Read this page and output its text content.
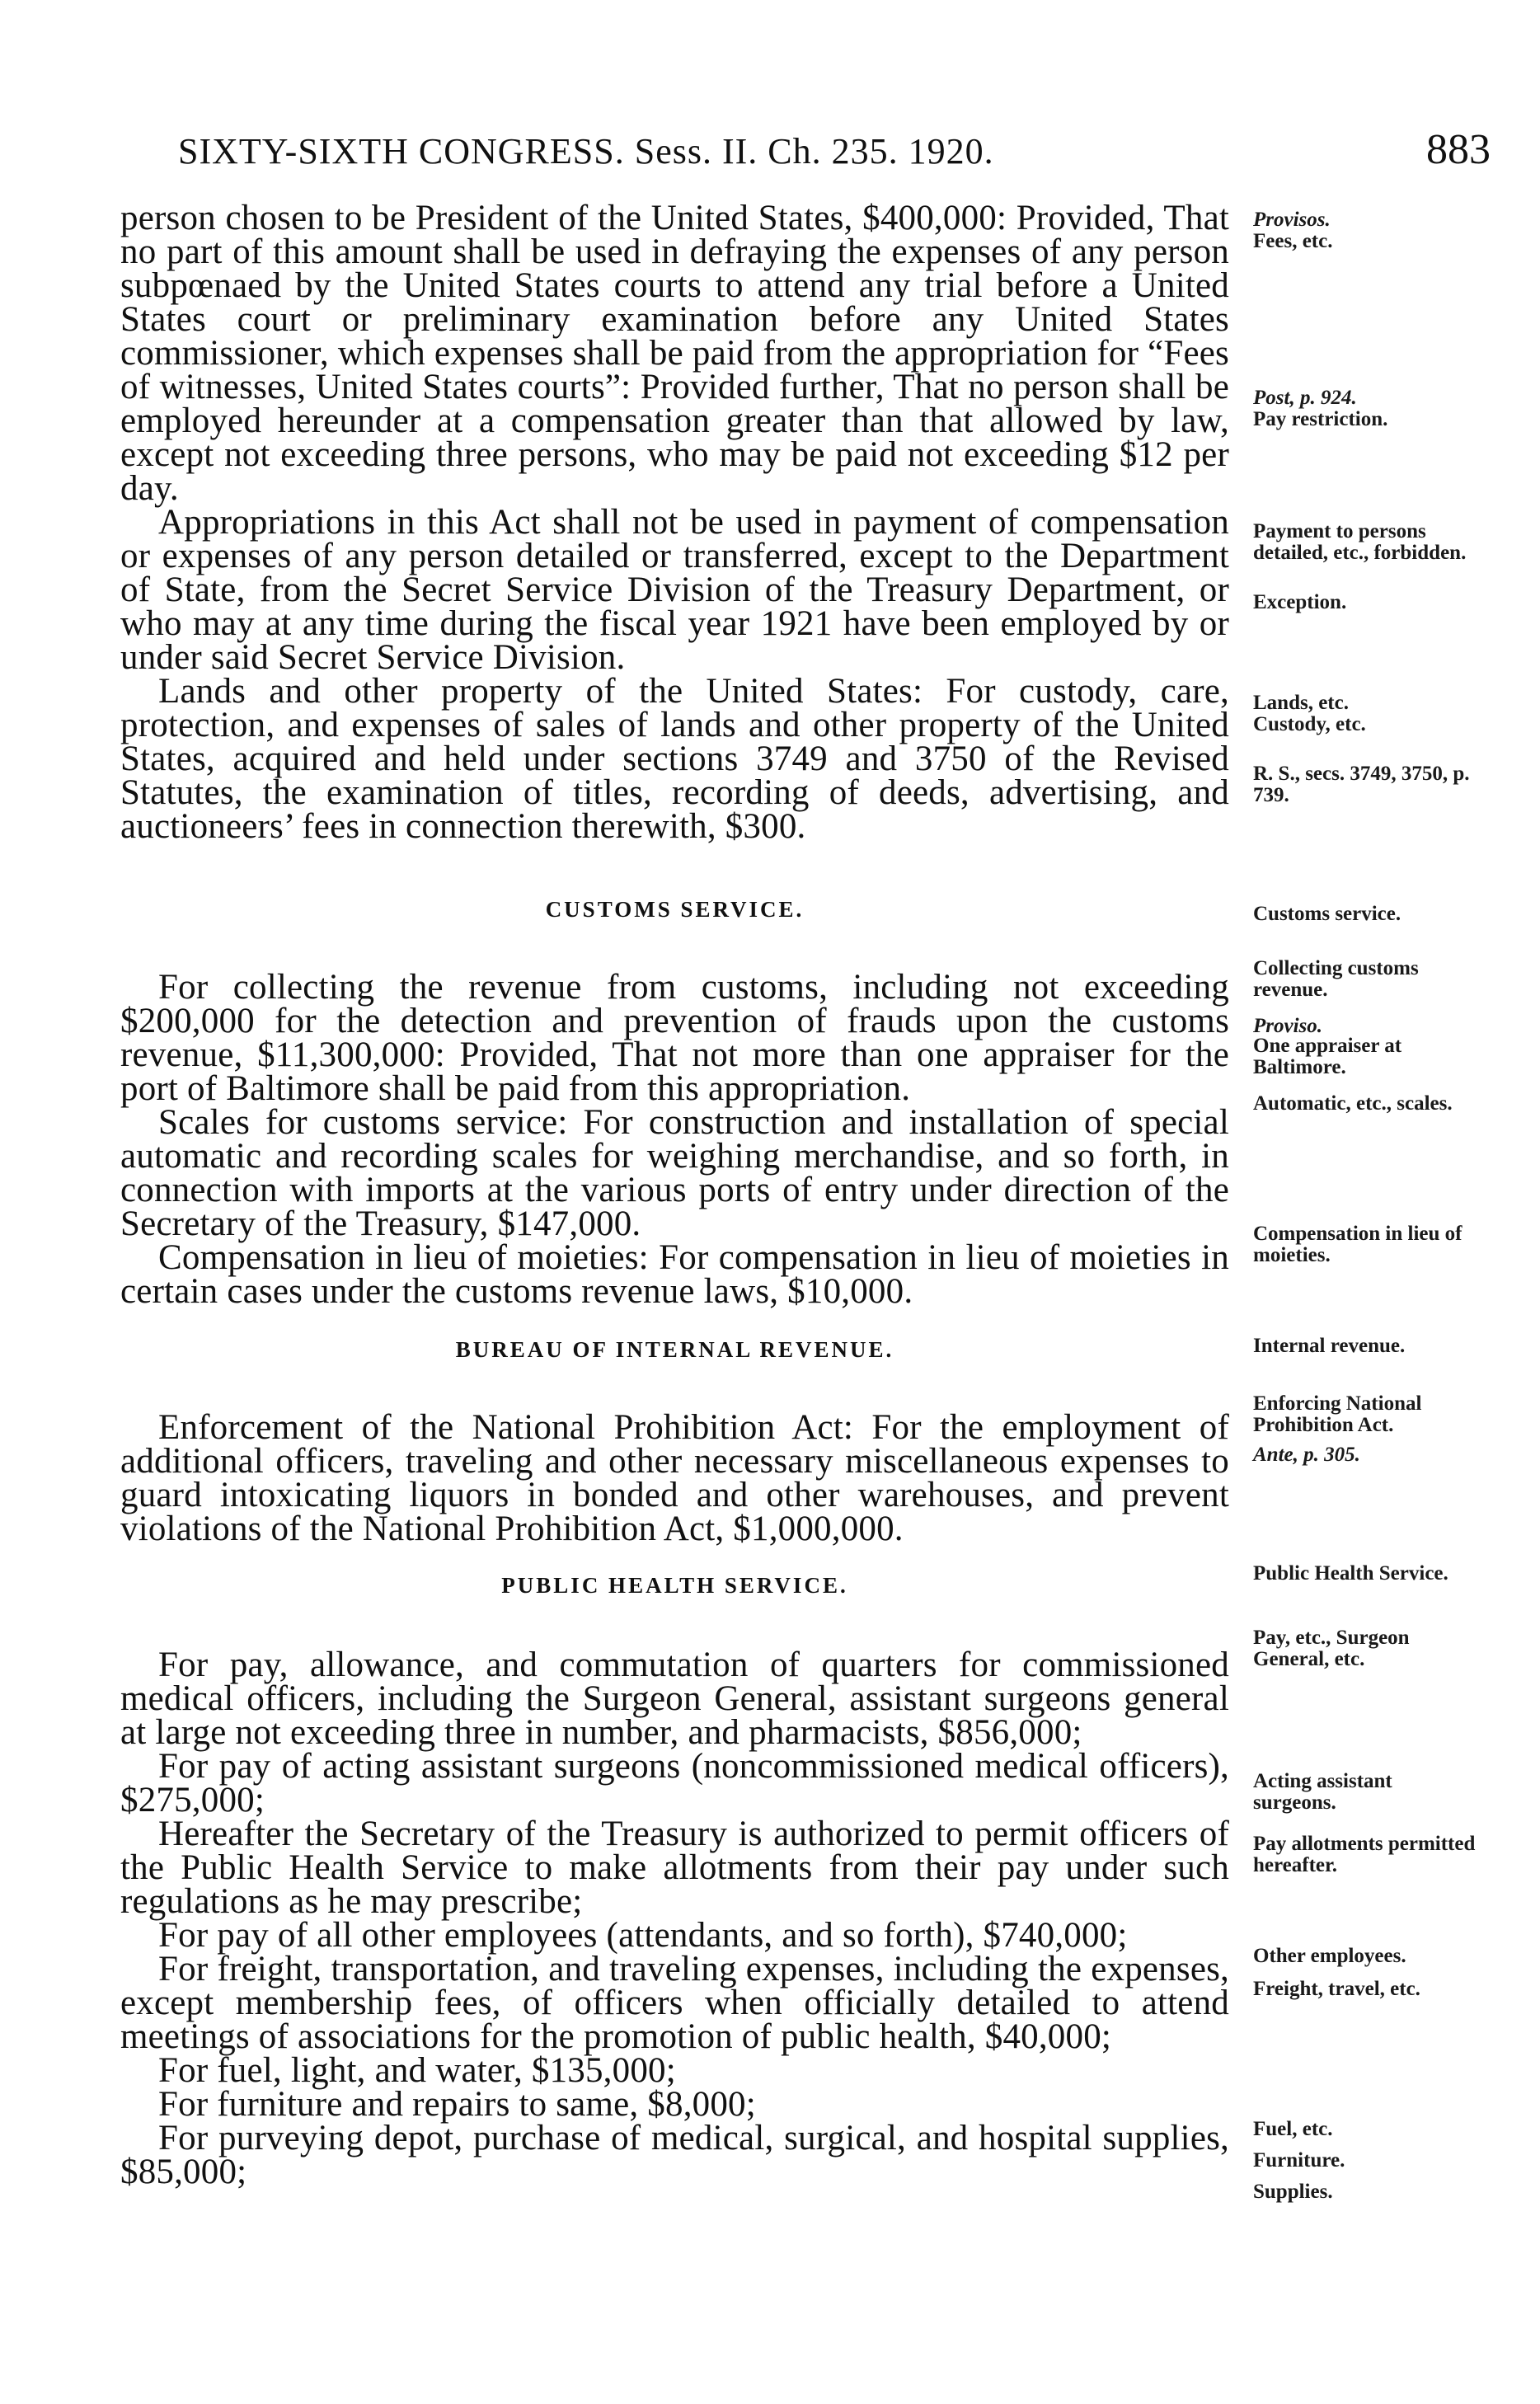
SIXTY-SIXTH CONGRESS. Sess. II. Ch. 235. 1920.	883

person chosen to be President of the United States, $400,000: Provided, That no part of this amount shall be used in defraying the expenses of any person subpœnaed by the United States courts to attend any trial before a United States court or preliminary examination before any United States commissioner, which expenses shall be paid from the appropriation for “Fees of witnesses, United States courts”: Provided further, That no person shall be employed hereunder at a compensation greater than that allowed by law, except not exceeding three persons, who may be paid not exceeding $12 per day.

Appropriations in this Act shall not be used in payment of compensation or expenses of any person detailed or transferred, except to the Department of State, from the Secret Service Division of the Treasury Department, or who may at any time during the fiscal year 1921 have been employed by or under said Secret Service Division.

Lands and other property of the United States: For custody, care, protection, and expenses of sales of lands and other property of the United States, acquired and held under sections 3749 and 3750 of the Revised Statutes, the examination of titles, recording of deeds, advertising, and auctioneers’ fees in connection therewith, $300.

CUSTOMS SERVICE.

For collecting the revenue from customs, including not exceeding $200,000 for the detection and prevention of frauds upon the customs revenue, $11,300,000: Provided, That not more than one appraiser for the port of Baltimore shall be paid from this appropriation.

Scales for customs service: For construction and installation of special automatic and recording scales for weighing merchandise, and so forth, in connection with imports at the various ports of entry under direction of the Secretary of the Treasury, $147,000.

Compensation in lieu of moieties: For compensation in lieu of moieties in certain cases under the customs revenue laws, $10,000.

BUREAU OF INTERNAL REVENUE.

Enforcement of the National Prohibition Act: For the employment of additional officers, traveling and other necessary miscellaneous expenses to guard intoxicating liquors in bonded and other warehouses, and prevent violations of the National Prohibition Act, $1,000,000.

PUBLIC HEALTH SERVICE.

For pay, allowance, and commutation of quarters for commissioned medical officers, including the Surgeon General, assistant surgeons general at large not exceeding three in number, and pharmacists, $856,000;

For pay of acting assistant surgeons (noncommissioned medical officers), $275,000;

Hereafter the Secretary of the Treasury is authorized to permit officers of the Public Health Service to make allotments from their pay under such regulations as he may prescribe;

For pay of all other employees (attendants, and so forth), $740,000;

For freight, transportation, and traveling expenses, including the expenses, except membership fees, of officers when officially detailed to attend meetings of associations for the promotion of public health, $40,000;

For fuel, light, and water, $135,000;

For furniture and repairs to same, $8,000;

For purveying depot, purchase of medical, surgical, and hospital supplies, $85,000;

Provisos.
Fees, etc.
Post, p. 924.
Pay restriction.
Payment to persons detailed, etc., forbidden.
Exception.
Lands, etc.
Custody, etc.
R. S., secs. 3749, 3750, p. 739.
Customs service.
Collecting customs revenue.
Proviso.
One appraiser at Baltimore.
Automatic, etc., scales.
Compensation in lieu of moieties.
Internal revenue.
Enforcing National Prohibition Act.
Ante, p. 305.
Public Health Service.
Pay, etc., Surgeon General, etc.
Acting assistant surgeons.
Pay allotments permitted hereafter.
Other employees.
Freight, travel, etc.
Fuel, etc.
Furniture.
Supplies.
